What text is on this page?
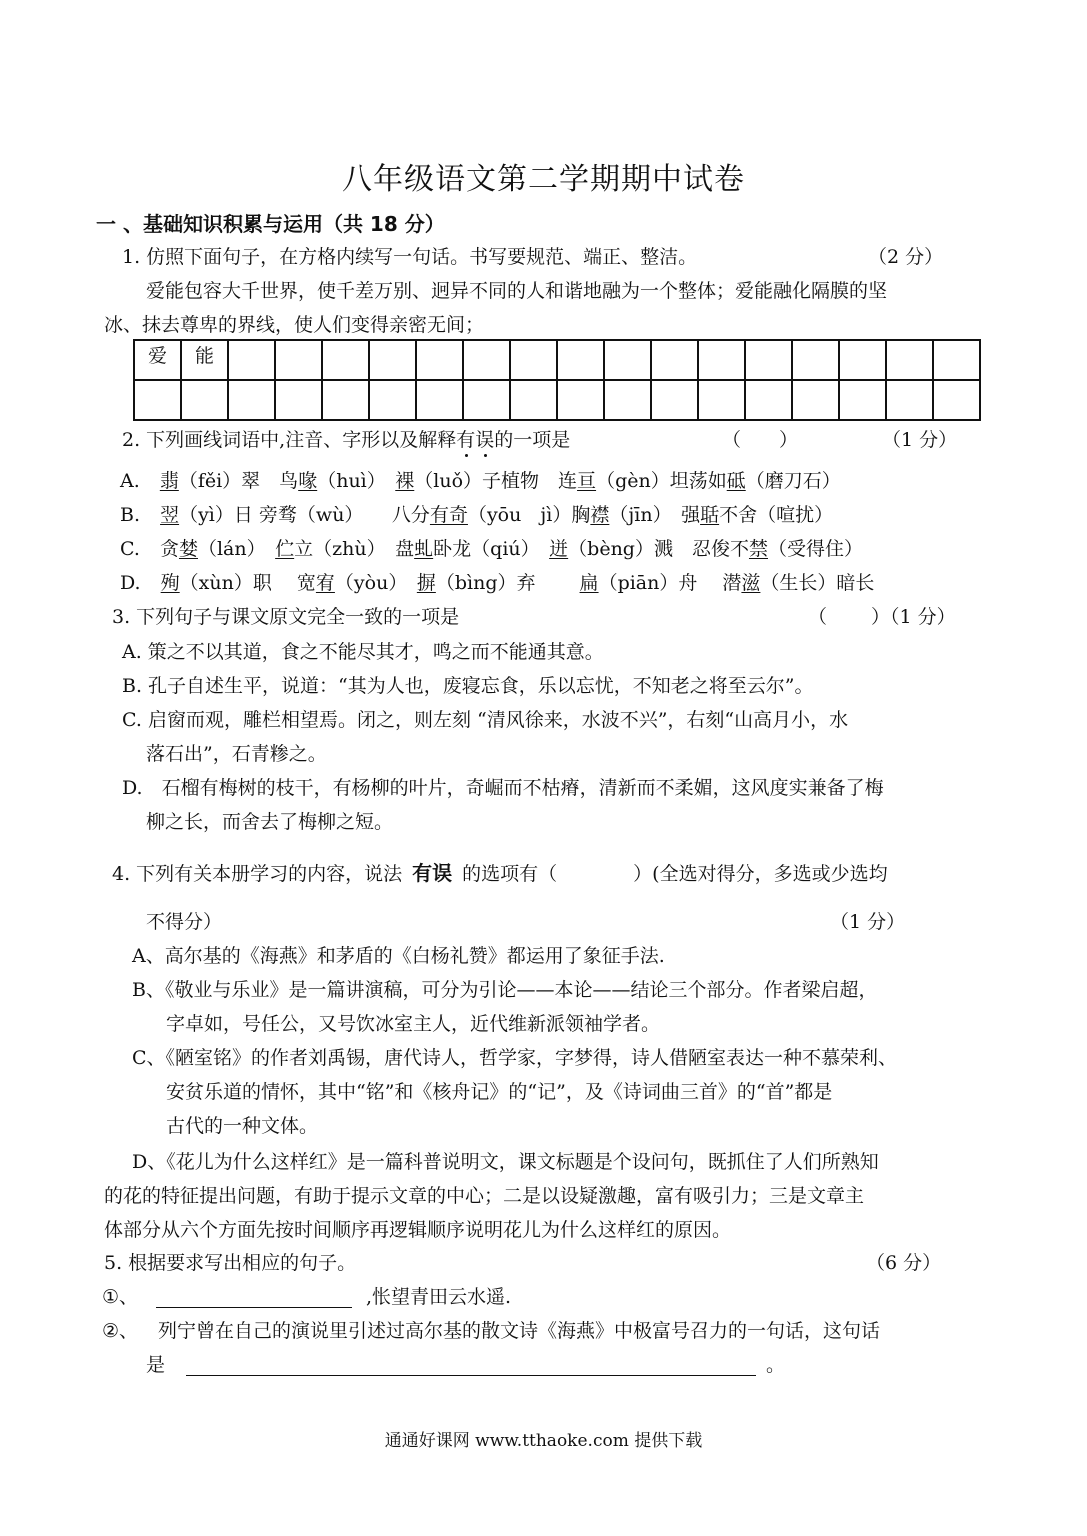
八年级语文第二学期期中试卷
一 、基础知识积累与运用（共 18 分）
1. 仿照下面句子，在方格内续写一句话。书写要规范、端正、整洁。	（2 分）
爱能包容大千世界，使千差万别、迥异不同的人和谐地融为一个整体；爱能融化隔膜的坚
冰、抹去尊卑的界线，使人们变得亲密无间；
爱	能																

2. 下列画线词语中,注音、字形以及解释有误的一项是	（　　）	（1 分）
A. 翡（fěi）翠　鸟喙（huì）　裸（luǒ）子植物　连亘（gèn）坦荡如砥（磨刀石）
B. 翌（yì）日 旁骛（wù）　　八分有奇（yōu　jì）胸襟（jīn）　强聒不舍（喧扰）
C. 贪婪（lán）　伫立（zhù）　盘虬卧龙（qiú）　迸（bèng）溅　忍俊不禁（受得住）
D. 殉（xùn）职　 宽宥（yòu）　摒（bìng）弃　　 扁（piān）舟　 潜滋（生长）暗长
3. 下列句子与课文原文完全一致的一项是	（　　 ）（1 分）
A. 策之不以其道，食之不能尽其才，鸣之而不能通其意。
B. 孔子自述生平，说道：“其为人也，废寝忘食，乐以忘忧，不知老之将至云尔”。
C. 启窗而观，雕栏相望焉。闭之，则左刻 “清风徐来，水波不兴”，右刻“山高月小，水
落石出”，石青糁之。
D.　石榴有梅树的枝干，有杨柳的叶片，奇崛而不枯瘠，清新而不柔媚，这风度实兼备了梅
柳之长，而舍去了梅柳之短。
4. 下列有关本册学习的内容，说法 有误 的选项有（　　　　）(全选对得分，多选或少选均
不得分）	（1 分）
A、高尔基的《海燕》和茅盾的《白杨礼赞》都运用了象征手法.
B、《敬业与乐业》是一篇讲演稿，可分为引论——本论——结论三个部分。作者梁启超，
字卓如，号任公，又号饮冰室主人，近代维新派领袖学者。
C、《陋室铭》的作者刘禹锡，唐代诗人，哲学家，字梦得，诗人借陋室表达一种不慕荣利、
安贫乐道的情怀，其中“铭”和《核舟记》的“记”，及《诗词曲三首》的“首”都是
古代的一种文体。
D、《花儿为什么这样红》是一篇科普说明文，课文标题是个设问句，既抓住了人们所熟知
的花的特征提出问题，有助于提示文章的中心；二是以设疑激趣，富有吸引力；三是文章主
体部分从六个方面先按时间顺序再逻辑顺序说明花儿为什么这样红的原因。
5. 根据要求写出相应的句子。	（6 分）
①、	,怅望青田云水遥.
②、 列宁曾在自己的演说里引述过高尔基的散文诗《海燕》中极富号召力的一句话，这句话
是	。
通通好课网 www.tthaoke.com 提供下载
